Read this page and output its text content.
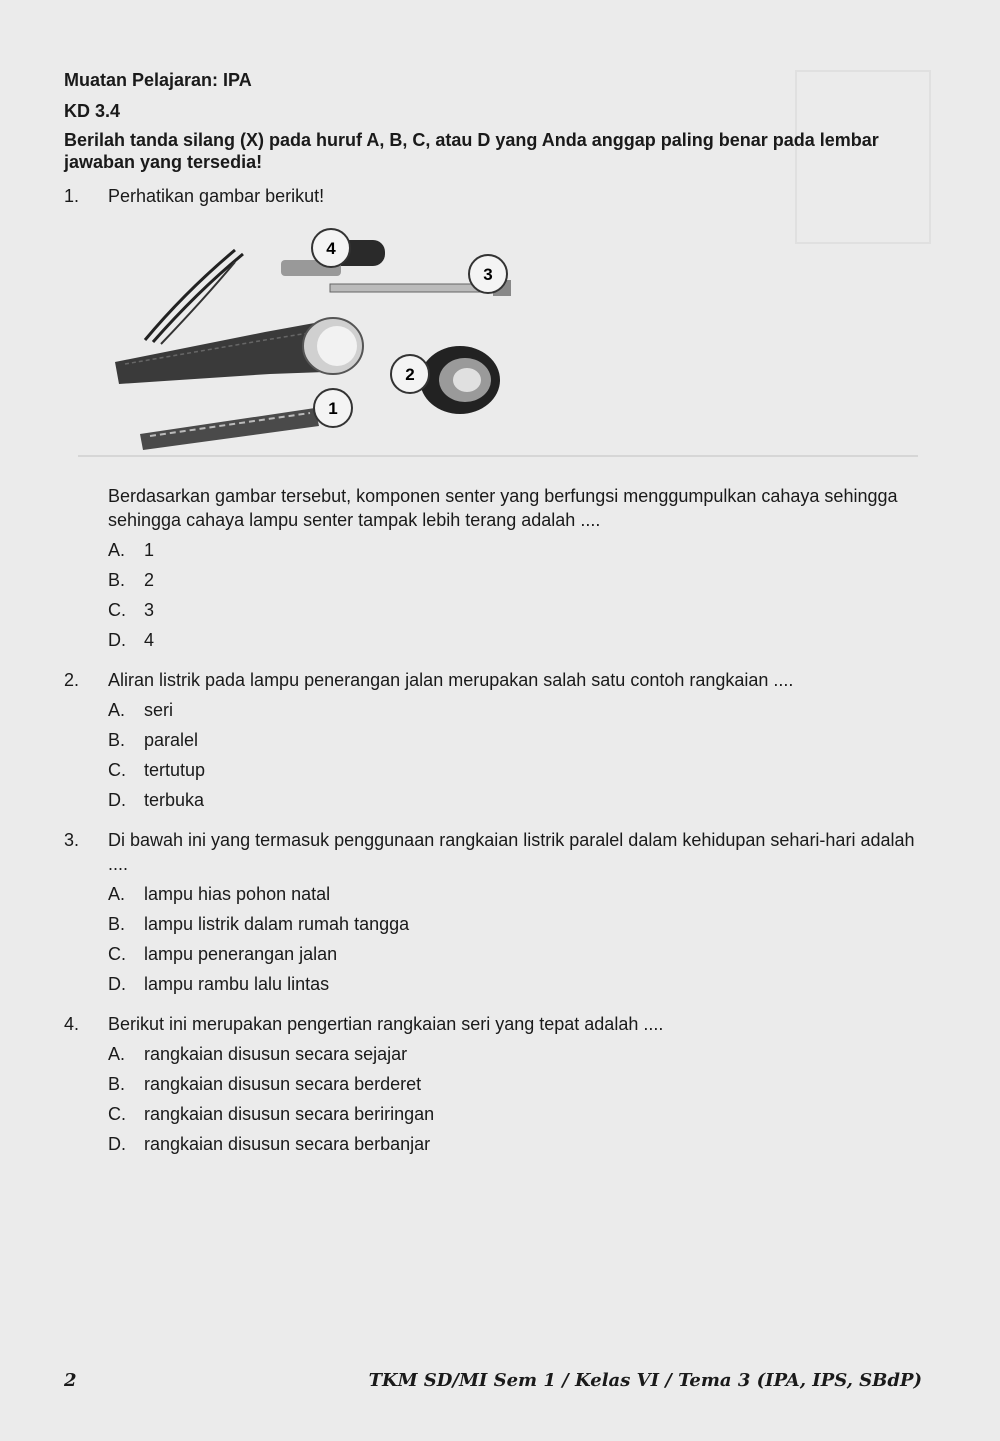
Muatan Pelajaran: IPA
KD 3.4
Berilah tanda silang (X) pada huruf A, B, C, atau D yang Anda anggap paling benar pada lembar jawaban yang tersedia!
1. Perhatikan gambar berikut!
4
3
2
1
Berdasarkan gambar tersebut, komponen senter yang berfungsi menggumpulkan cahaya sehingga sehingga cahaya lampu senter tampak lebih terang adalah ....
A. 1
B. 2
C. 3
D. 4
2. Aliran listrik pada lampu penerangan jalan merupakan salah satu contoh rangkaian ....
A. seri
B. paralel
C. tertutup
D. terbuka
3. Di bawah ini yang termasuk penggunaan rangkaian listrik paralel dalam kehidupan sehari-hari adalah ....
A. lampu hias pohon natal
B. lampu listrik dalam rumah tangga
C. lampu penerangan jalan
D. lampu rambu lalu lintas
4. Berikut ini merupakan pengertian rangkaian seri yang tepat adalah ....
A. rangkaian disusun secara sejajar
B. rangkaian disusun secara berderet
C. rangkaian disusun secara beriringan
D. rangkaian disusun secara berbanjar
2	TKM SD/MI Sem 1 / Kelas VI / Tema 3 (IPA, IPS, SBdP)
